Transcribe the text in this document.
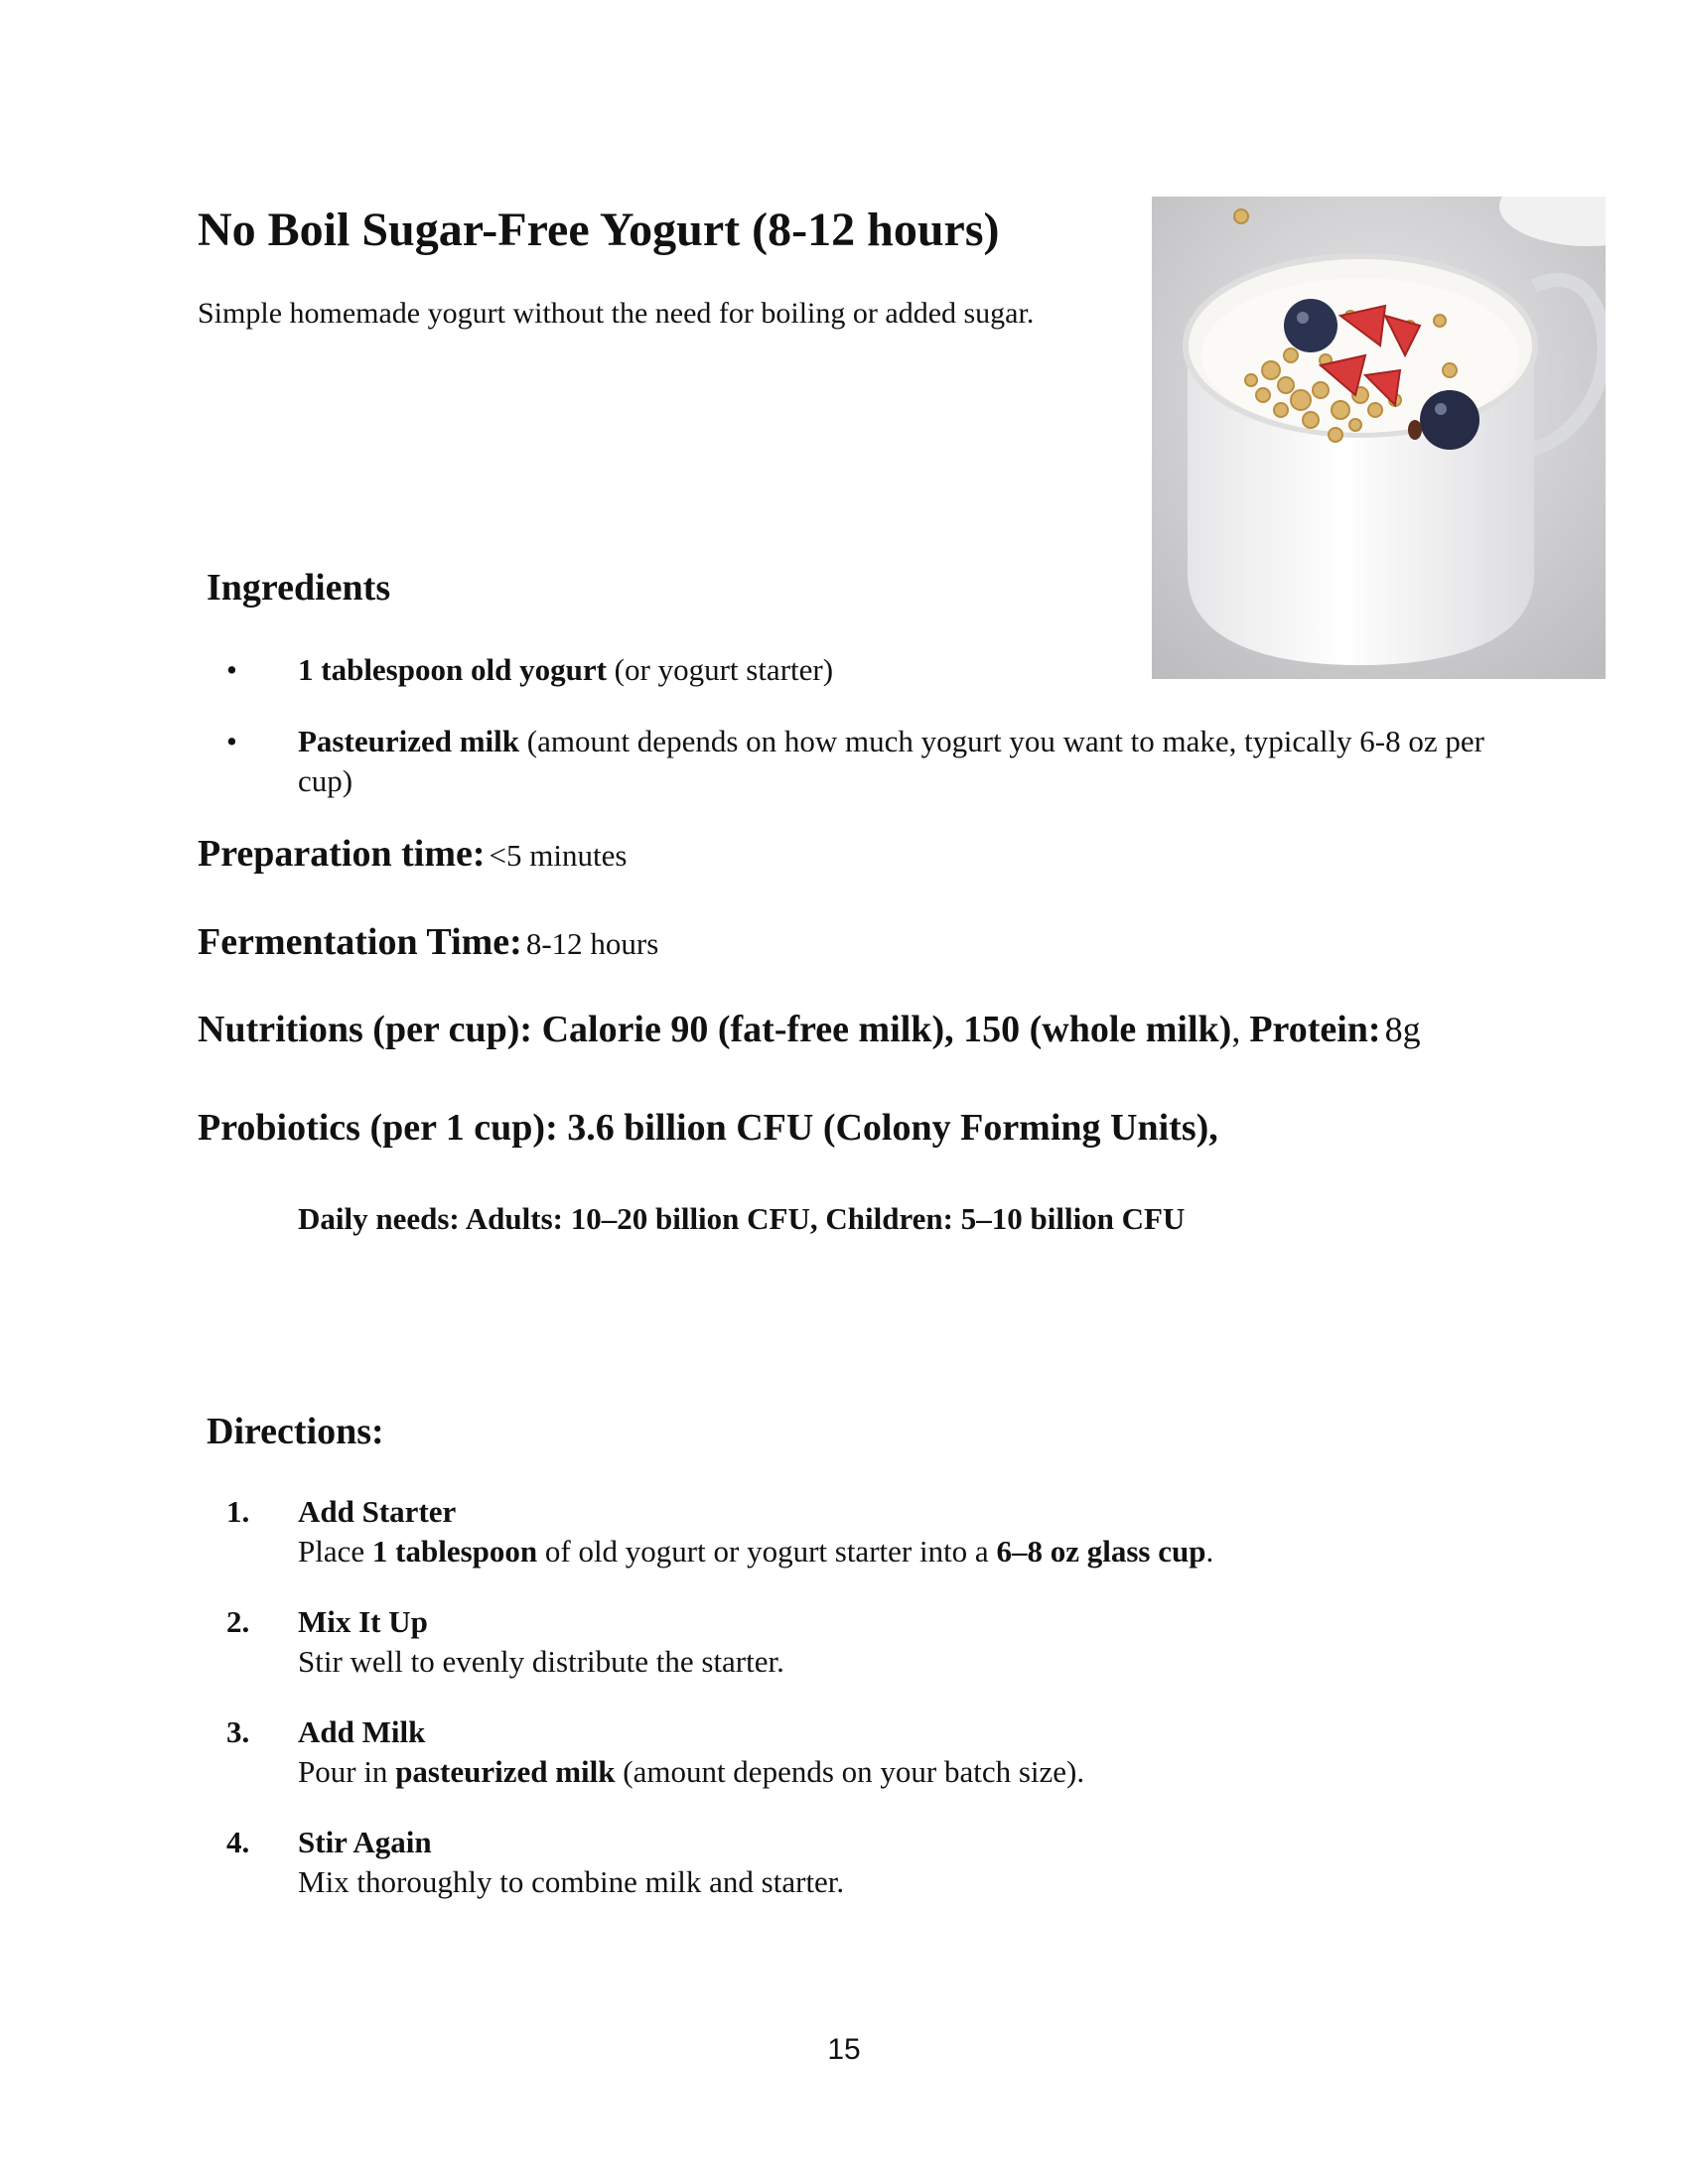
No Boil Sugar-Free Yogurt (8-12 hours)
Simple homemade yogurt without the need for boiling or added sugar.
Ingredients
• 1 tablespoon old yogurt (or yogurt starter)
• Pasteurized milk (amount depends on how much yogurt you want to make, typically 6-8 oz per cup)
Preparation time: <5 minutes
Fermentation Time: 8-12 hours
Nutritions (per cup): Calorie 90 (fat-free milk), 150 (whole milk), Protein: 8g
Probiotics (per 1 cup): 3.6 billion CFU (Colony Forming Units),
Daily needs: Adults: 10–20 billion CFU, Children: 5–10 billion CFU
Directions:
1. Add Starter
Place 1 tablespoon of old yogurt or yogurt starter into a 6–8 oz glass cup.
2. Mix It Up
Stir well to evenly distribute the starter.
3. Add Milk
Pour in pasteurized milk (amount depends on your batch size).
4. Stir Again
Mix thoroughly to combine milk and starter.
15
